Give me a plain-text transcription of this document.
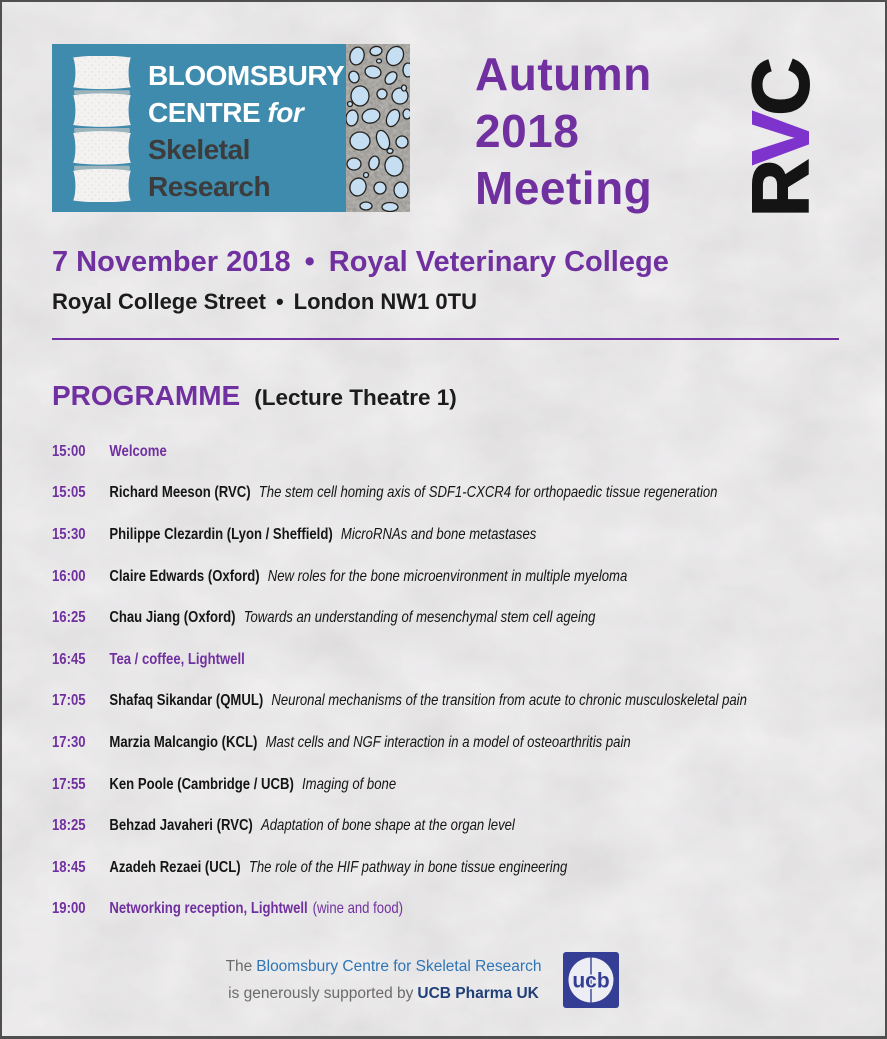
BLOOMSBURY
CENTRE for
Skeletal
Research
Autumn
2018
Meeting RVC
7 November 2018 • Royal Veterinary College
Royal College Street • London NW1 0TU
PROGRAMME (Lecture Theatre 1)
15:00 Welcome
15:05 Richard Meeson (RVC) The stem cell homing axis of SDF1-CXCR4 for orthopaedic tissue regeneration
15:30 Philippe Clezardin (Lyon / Sheffield) MicroRNAs and bone metastases
16:00 Claire Edwards (Oxford) New roles for the bone microenvironment in multiple myeloma
16:25 Chau Jiang (Oxford) Towards an understanding of mesenchymal stem cell ageing
16:45 Tea / coffee, Lightwell
17:05 Shafaq Sikandar (QMUL) Neuronal mechanisms of the transition from acute to chronic musculoskeletal pain
17:30 Marzia Malcangio (KCL) Mast cells and NGF interaction in a model of osteoarthritis pain
17:55 Ken Poole (Cambridge / UCB) Imaging of bone
18:25 Behzad Javaheri (RVC) Adaptation of bone shape at the organ level
18:45 Azadeh Rezaei (UCL) The role of the HIF pathway in bone tissue engineering
19:00 Networking reception, Lightwell (wine and food)
The Bloomsbury Centre for Skeletal Research
is generously supported by UCB Pharma UK
ucb
